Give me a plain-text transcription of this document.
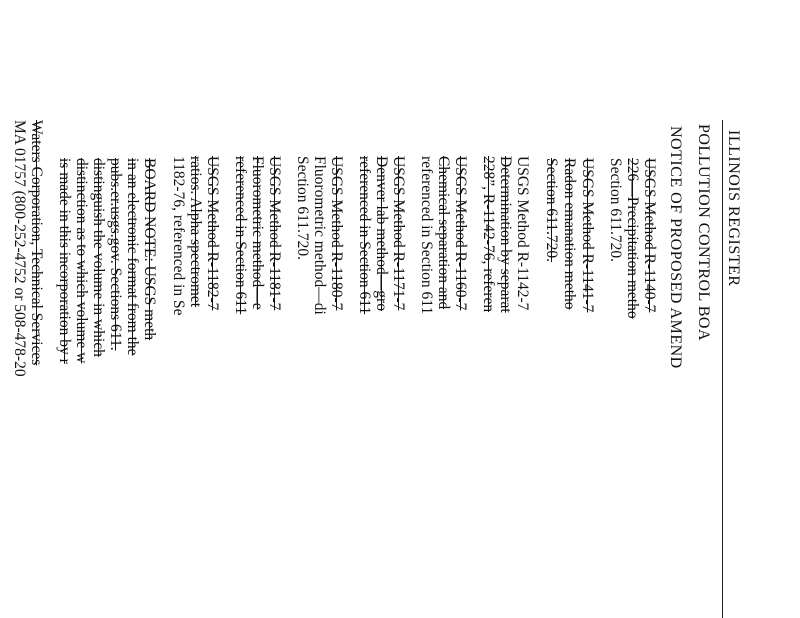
ILLINOIS REGISTER
POLLUTION CONTROL BOA
NOTICE OF PROPOSED AMEND
USGS Method R-1140-7
226—Precipitation metho
Section 611.720.
USGS Method R-1141-7
Radon emanation metho
Section 611.720.
USGS Method R-1142-7
Determination by separat
228”, R-1142-76, referen
USGS Method R-1160-7
Chemical separation and
referenced in Section 611
USGS Method R-1171-7
Denver lab method—gro
referenced in Section 611
USGS Method R-1180-7
Fluorometric method—di
Section 611.720.
USGS Method R-1181-7
Fluorometric method—e
referenced in Section 611
USGS Method R-1182-7
ratios. Alpha spectromet
1182-76, referenced in Se
BOARD NOTE: USGS meth
in an electronic format from the
pubs.er.usgs.gov. Sections 611.
distinguish the volume in which
distinction as to which volume w
is made in this incorporation by r
Waters Corporation, Technical Services
MA 01757 (800-252-4752 or 508-478-20
